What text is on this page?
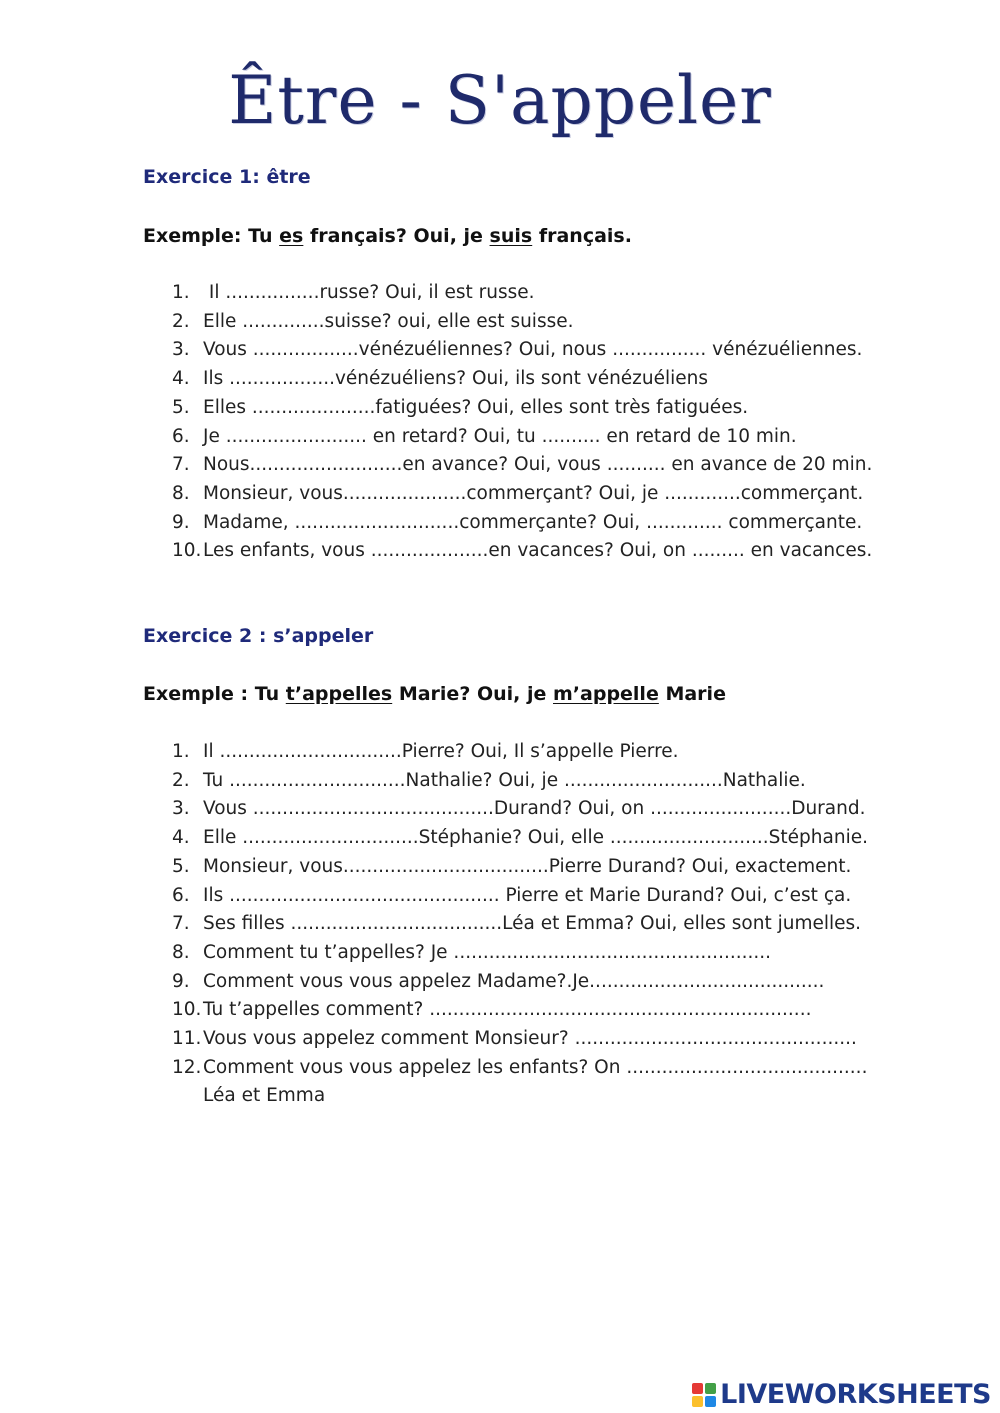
Être - S'appeler
Exercice 1: être
Exemple: Tu es français? Oui, je suis français.
1. Il ................russe? Oui, il est russe.
2. Elle ..............suisse? oui, elle est suisse.
3. Vous ..................vénézuéliennes? Oui, nous ................ vénézuéliennes.
4. Ils ..................vénézuéliens? Oui, ils sont vénézuéliens
5. Elles .....................fatiguées? Oui, elles sont très fatiguées.
6. Je ........................ en retard? Oui, tu .......... en retard de 10 min.
7. Nous..........................en avance? Oui, vous .......... en avance de 20 min.
8. Monsieur, vous.....................commerçant? Oui, je .............commerçant.
9. Madame, ............................commerçante? Oui, ............. commerçante.
10. Les enfants, vous ....................en vacances? Oui, on ......... en vacances.
Exercice 2 : s’appeler
Exemple : Tu t’appelles Marie? Oui, je m’appelle Marie
1. Il ...............................Pierre? Oui, Il s’appelle Pierre.
2. Tu ..............................Nathalie? Oui, je ...........................Nathalie.
3. Vous .........................................Durand? Oui, on ........................Durand.
4. Elle ..............................Stéphanie? Oui, elle ...........................Stéphanie.
5. Monsieur, vous...................................Pierre Durand? Oui, exactement.
6. Ils .............................................. Pierre et Marie Durand? Oui, c’est ça.
7. Ses filles ....................................Léa et Emma? Oui, elles sont jumelles.
8. Comment tu t’appelles? Je ......................................................
9. Comment vous vous appelez Madame?.Je........................................
10. Tu t’appelles comment? .................................................................
11. Vous vous appelez comment Monsieur? ................................................
12. Comment vous vous appelez les enfants? On .........................................
Léa et Emma
LIVEWORKSHEETS
